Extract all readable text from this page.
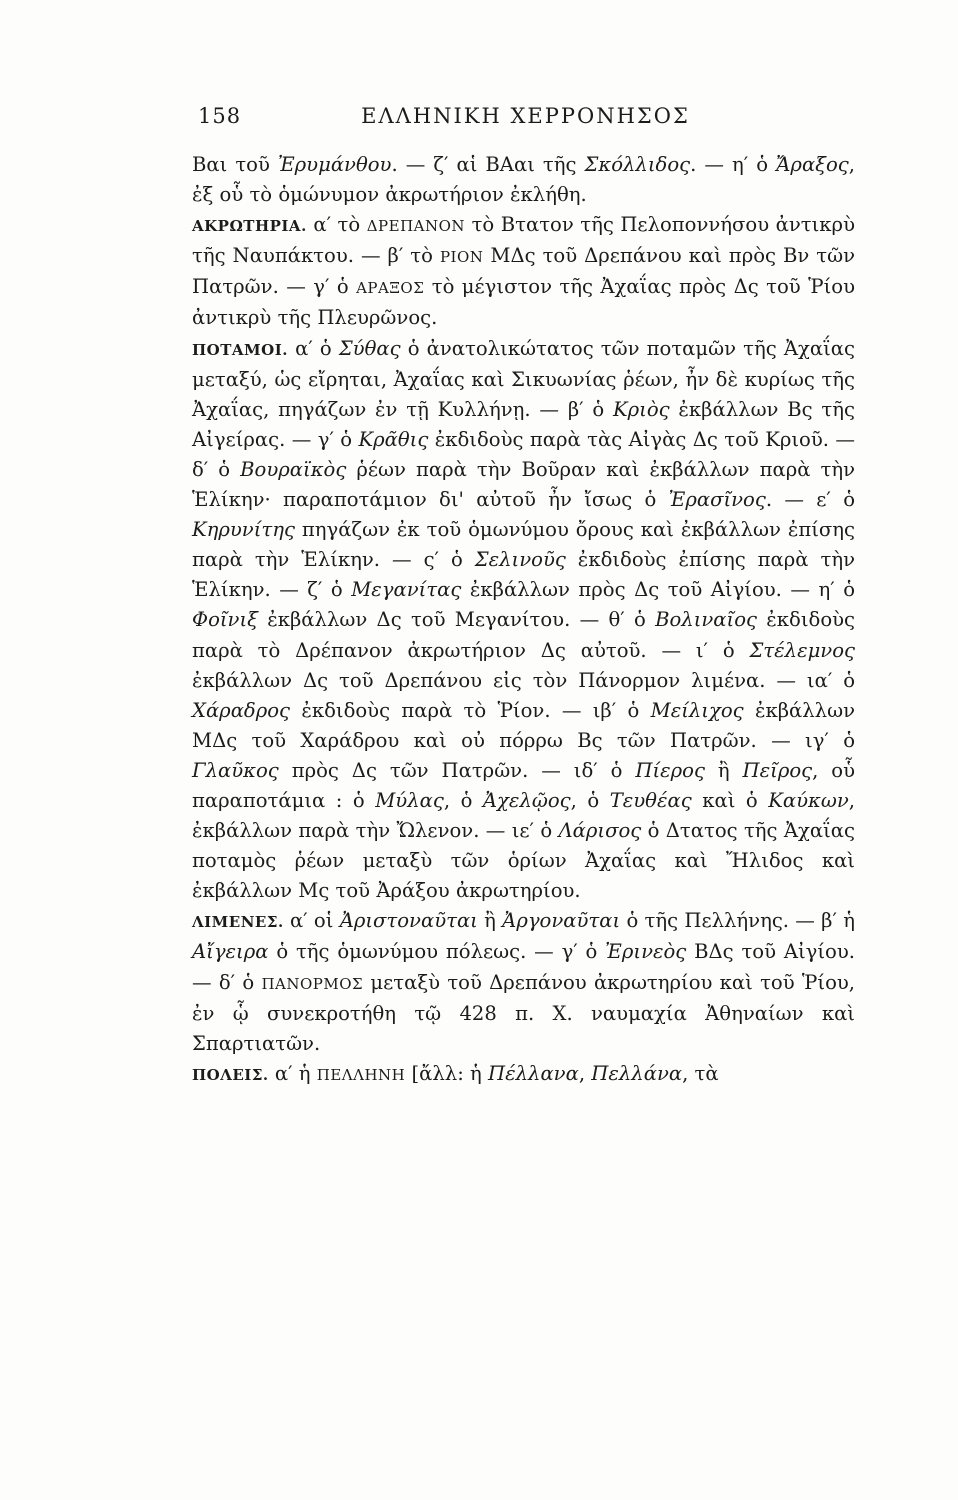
158	ΕΛΛΗΝΙΚΗ ΧΕΡΡΟΝΗΣΟΣ

Βαι τοῦ Ἐρυμάνθου. — ζ′ αἱ ΒΑαι τῆς Σκόλλιδος. — η′ ὁ Ἄραξος, ἐξ οὗ τὸ ὁμώνυμον ἀκρωτήριον ἐκλήθη.

ΑΚΡΩΤΗΡΙΑ. α′ τὸ ΔΡΕΠΑΝΟΝ τὸ Βτατον τῆς Πελοποννήσου ἀντικρὺ τῆς Ναυπάκτου. — β′ τὸ ΡΙΟΝ ΜΔς τοῦ Δρεπάνου καὶ πρὸς Βν τῶν Πατρῶν. — γ′ ὁ ΑΡΑΞΟΣ τὸ μέγιστον τῆς Ἀχαΐας πρὸς Δς τοῦ Ῥίου ἀντικρὺ τῆς Πλευρῶνος.

ΠΟΤΑΜΟΙ. α′ ὁ Σύθας ὁ ἀνατολικώτατος τῶν ποταμῶν τῆς Ἀχαΐας μεταξύ, ὡς εἴρηται, Ἀχαΐας καὶ Σικυωνίας ῥέων, ἦν δὲ κυρίως τῆς Ἀχαΐας, πηγάζων ἐν τῇ Κυλλήνῃ. — β′ ὁ Κριὸς ἐκβάλλων Βς τῆς Αἰγείρας. — γ′ ὁ Κρᾶθις ἐκδιδοὺς παρὰ τὰς Αἰγὰς Δς τοῦ Κριοῦ. — δ′ ὁ Βουραϊκὸς ῥέων παρὰ τὴν Βοῦραν καὶ ἐκβάλλων παρὰ τὴν Ἑλίκην· παραποτάμιον δι' αὐτοῦ ἦν ἴσως ὁ Ἐρασῖνος. — ε′ ὁ Κηρυνίτης πηγάζων ἐκ τοῦ ὁμωνύμου ὄρους καὶ ἐκβάλλων ἐπίσης παρὰ τὴν Ἑλίκην. — ς′ ὁ Σελινοῦς ἐκδιδοὺς ἐπίσης παρὰ τὴν Ἑλίκην. — ζ′ ὁ Μεγανίτας ἐκβάλλων πρὸς Δς τοῦ Αἰγίου. — η′ ὁ Φοῖνιξ ἐκβάλλων Δς τοῦ Μεγανίτου. — θ′ ὁ Βολιναῖος ἐκδιδοὺς παρὰ τὸ Δρέπανον ἀκρωτήριον Δς αὐτοῦ. — ι′ ὁ Στέλεμνος ἐκβάλλων Δς τοῦ Δρεπάνου εἰς τὸν Πάνορμον λιμένα. — ια′ ὁ Χάραδρος ἐκδιδοὺς παρὰ τὸ Ῥίον. — ιβ′ ὁ Μείλιχος ἐκβάλλων ΜΔς τοῦ Χαράδρου καὶ οὐ πόρρω Βς τῶν Πατρῶν. — ιγ′ ὁ Γλαῦκος πρὸς Δς τῶν Πατρῶν. — ιδ′ ὁ Πίερος ἢ Πεῖρος, οὗ παραποτάμια : ὁ Μύλας, ὁ Ἀχελῷος, ὁ Τευθέας καὶ ὁ Καύκων, ἐκβάλλων παρὰ τὴν Ὤλενον. — ιε′ ὁ Λάρισος ὁ Δτατος τῆς Ἀχαΐας ποταμὸς ῥέων μεταξὺ τῶν ὁρίων Ἀχαΐας καὶ Ἤλιδος καὶ ἐκβάλλων Μς τοῦ Ἀράξου ἀκρωτηρίου.

ΛΙΜΕΝΕΣ. α′ οἱ Ἀριστοναῦται ἢ Ἀργοναῦται ὁ τῆς Πελλήνης. — β′ ἡ Αἴγειρα ὁ τῆς ὁμωνύμου πόλεως. — γ′ ὁ Ἐρινεὸς ΒΔς τοῦ Αἰγίου. — δ′ ὁ ΠΑΝΟΡΜΟΣ μεταξὺ τοῦ Δρεπάνου ἀκρωτηρίου καὶ τοῦ Ῥίου, ἐν ᾧ συνεκροτήθη τῷ 428 π. Χ. ναυμαχία Ἀθηναίων καὶ Σπαρτιατῶν.

ΠΟΛΕΙΣ. α′ ἡ ΠΕΛΛΗΝΗ [ἄλλ: ἡ Πέλλανα, Πελλάνα, τὰ
